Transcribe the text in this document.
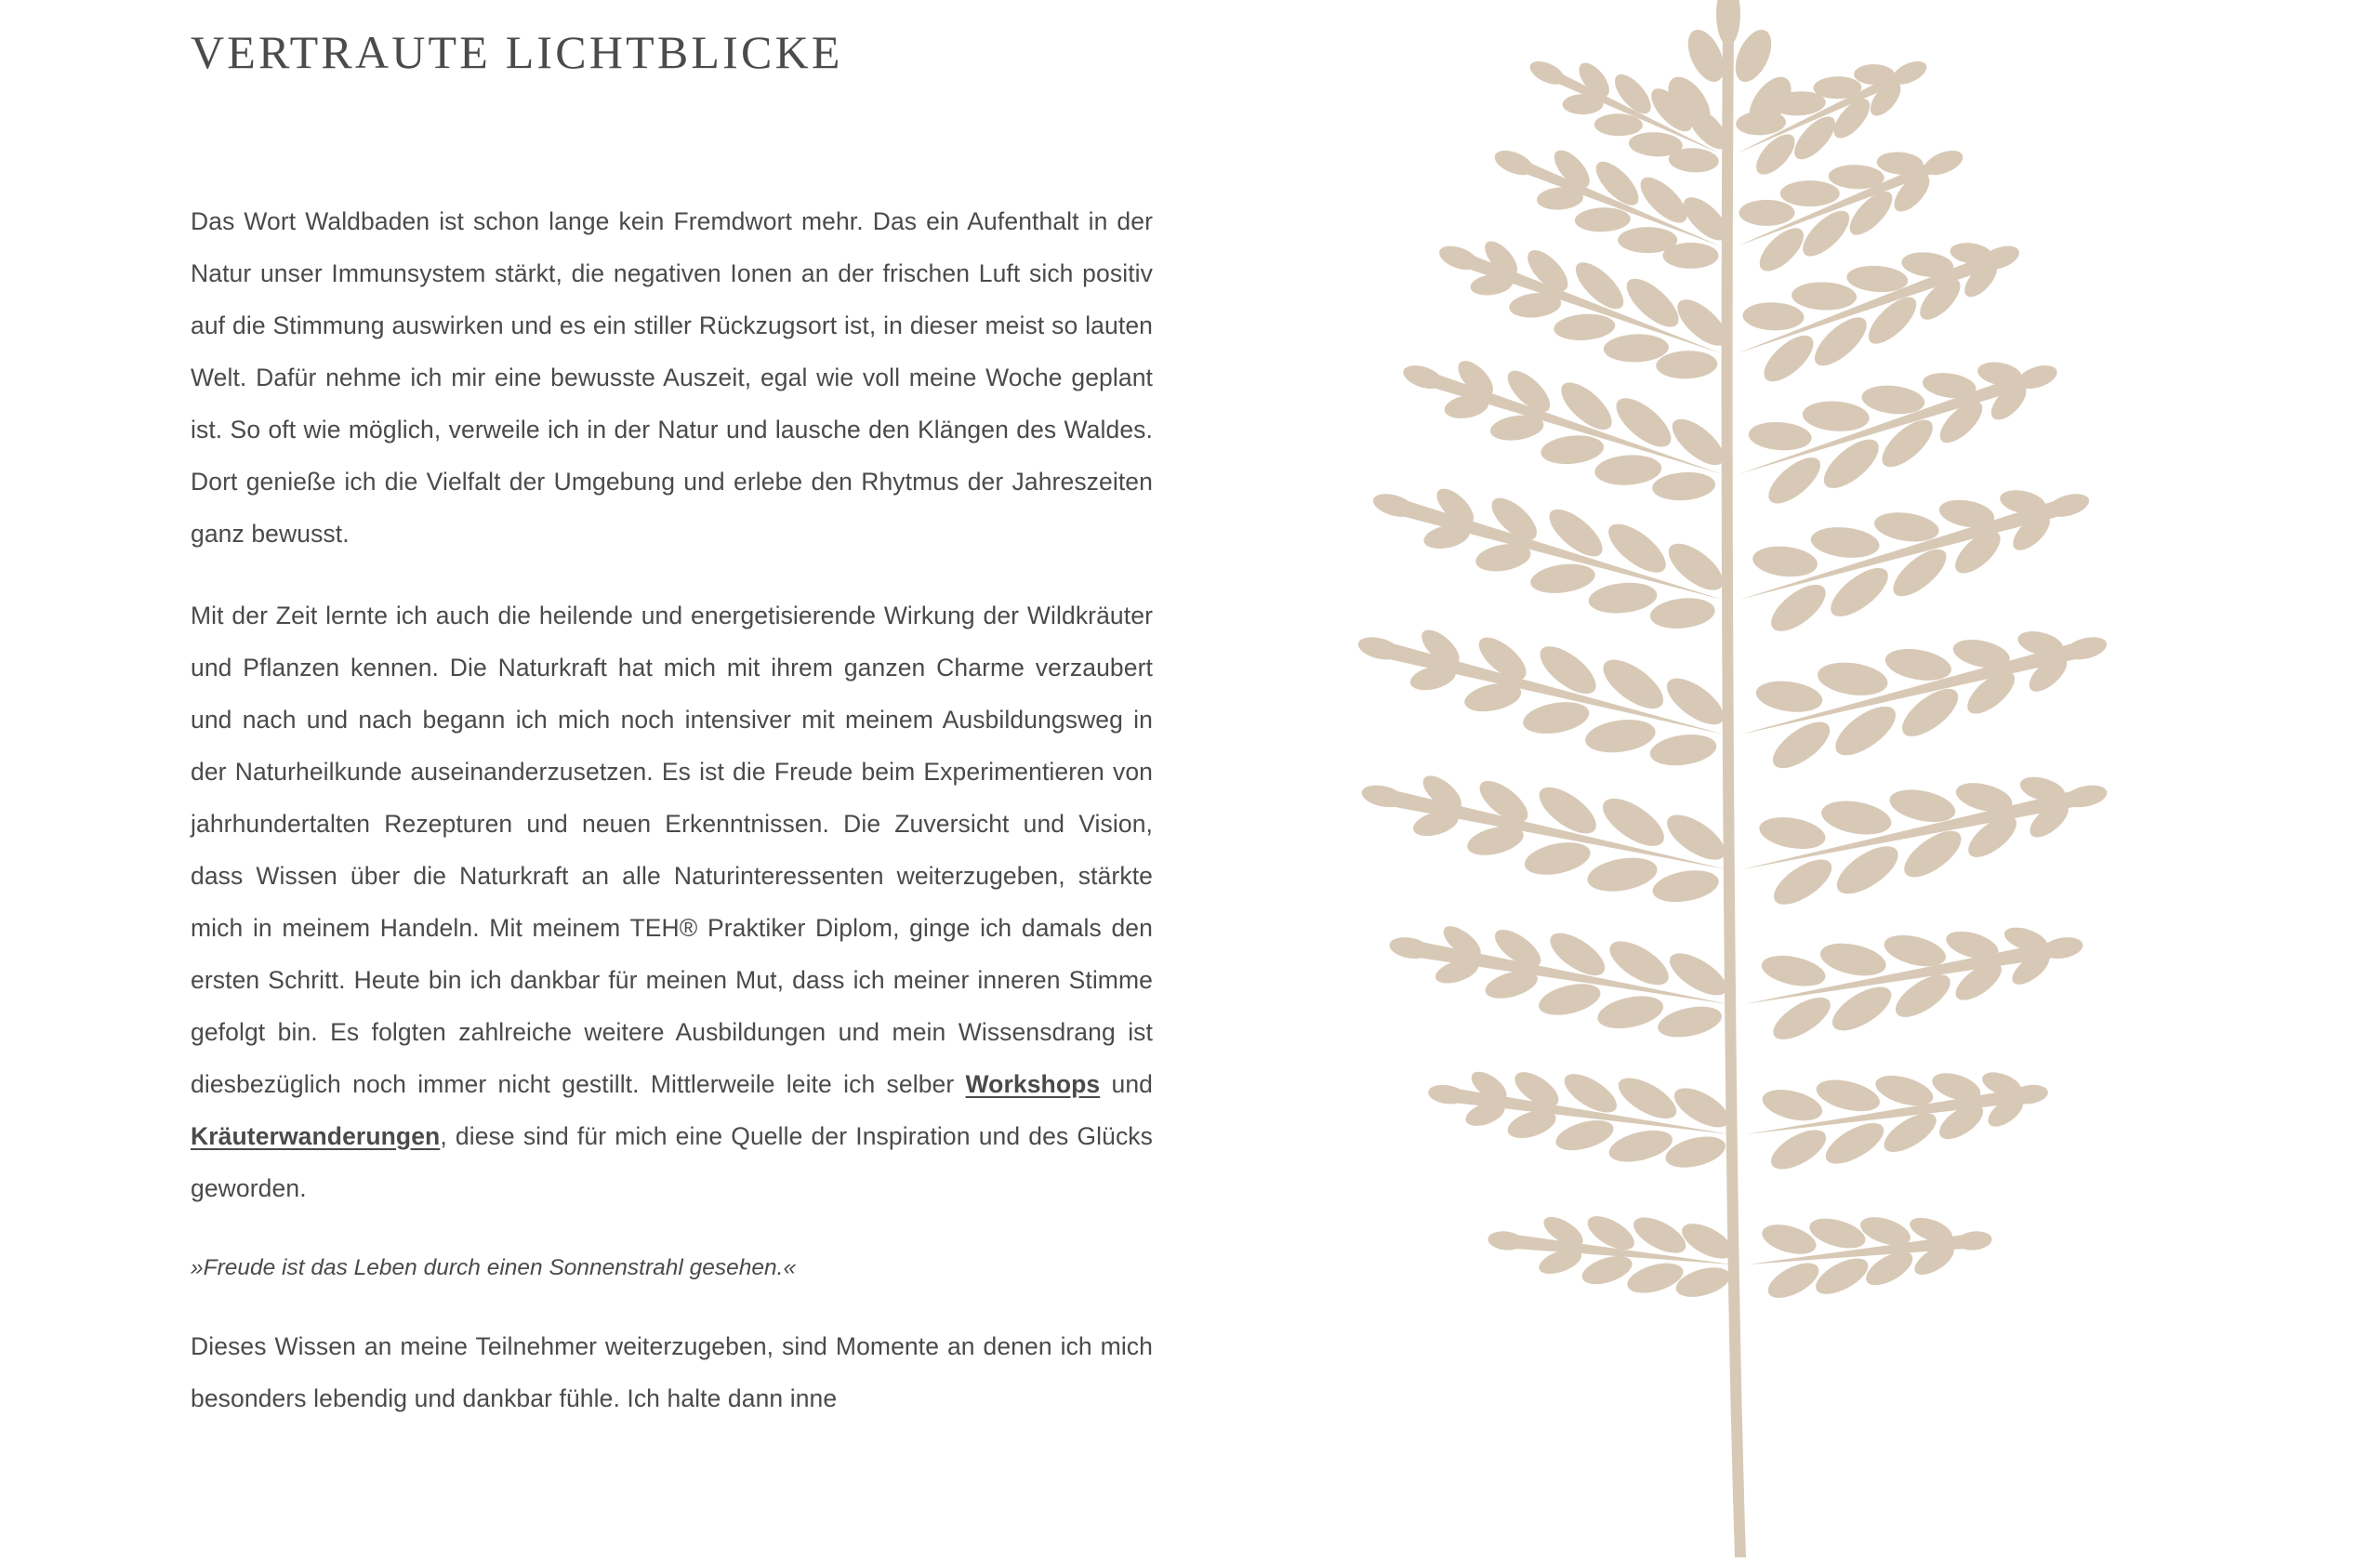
VERTRAUTE LICHTBLICKE

Das Wort Waldbaden ist schon lange kein Fremdwort mehr. Das ein Aufenthalt in der Natur unser Immunsystem stärkt, die negativen Ionen an der frischen Luft sich positiv auf die Stimmung auswirken und es ein stiller Rückzugsort ist, in dieser meist so lauten Welt. Dafür nehme ich mir eine bewusste Auszeit, egal wie voll meine Woche geplant ist. So oft wie möglich, verweile ich in der Natur und lausche den Klängen des Waldes. Dort genieße ich die Vielfalt der Umgebung und erlebe den Rhytmus der Jahreszeiten ganz bewusst.

Mit der Zeit lernte ich auch die heilende und energetisierende Wirkung der Wildkräuter und Pflanzen kennen. Die Naturkraft hat mich mit ihrem ganzen Charme verzaubert und nach und nach begann ich mich noch intensiver mit meinem Ausbildungsweg in der Naturheilkunde auseinanderzusetzen. Es ist die Freude beim Experimentieren von jahrhundertalten Rezepturen und neuen Erkenntnissen. Die Zuversicht und Vision, dass Wissen über die Naturkraft an alle Naturinteressenten weiterzugeben, stärkte mich in meinem Handeln. Mit meinem TEH® Praktiker Diplom, ginge ich damals den ersten Schritt. Heute bin ich dankbar für meinen Mut, dass ich meiner inneren Stimme gefolgt bin. Es folgten zahlreiche weitere Ausbildungen und mein Wissensdrang ist diesbezüglich noch immer nicht gestillt. Mittlerweile leite ich selber Workshops und Kräuterwanderungen, diese sind für mich eine Quelle der Inspiration und des Glücks geworden.

»Freude ist das Leben durch einen Sonnenstrahl gesehen.«

Dieses Wissen an meine Teilnehmer weiterzugeben, sind Momente an denen ich mich besonders lebendig und dankbar fühle. Ich halte dann inne
